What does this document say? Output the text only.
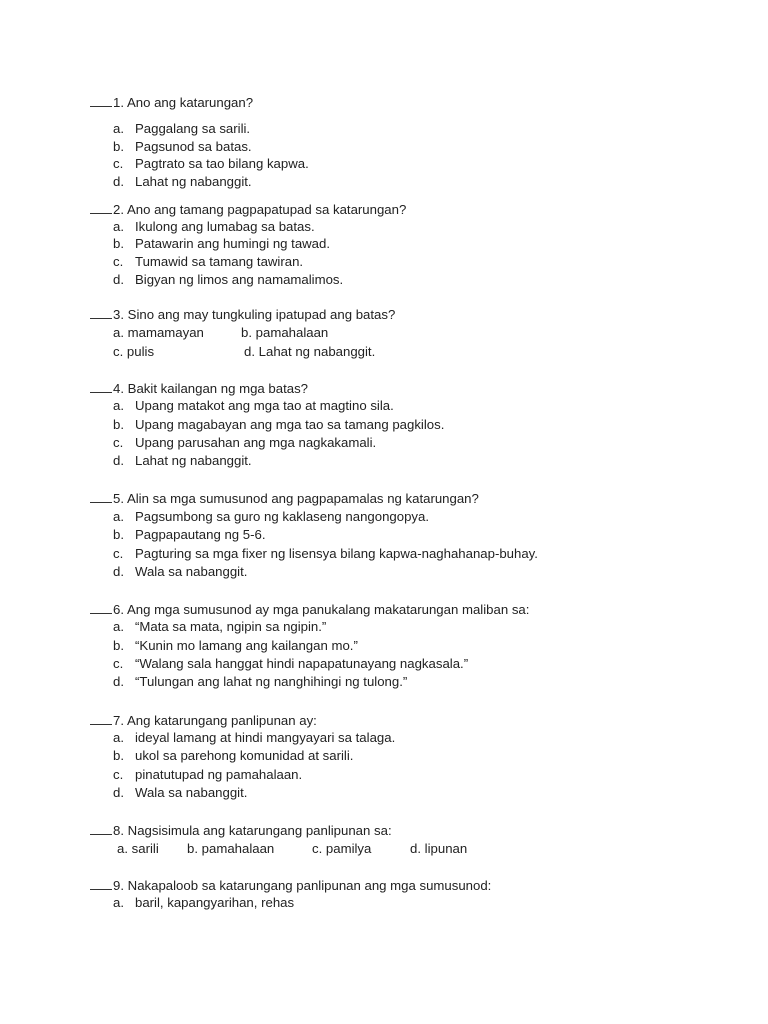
1. Ano ang katarungan?
a. Paggalang sa sarili.
b. Pagsunod sa batas.
c. Pagtrato sa tao bilang kapwa.
d. Lahat ng nabanggit.
2. Ano ang tamang pagpapatupad sa katarungan?
a. Ikulong ang lumabag sa batas.
b. Patawarin ang humingi ng tawad.
c. Tumawid sa tamang tawiran.
d. Bigyan ng limos ang namamalimos.
3. Sino ang may tungkuling ipatupad ang batas?
a. mamamayan	b. pamahalaan
c. pulis	d. Lahat ng nabanggit.
4. Bakit kailangan ng mga batas?
a. Upang matakot ang mga tao at magtino sila.
b. Upang magabayan ang mga tao sa tamang pagkilos.
c. Upang parusahan ang mga nagkakamali.
d. Lahat ng nabanggit.
5. Alin sa mga sumusunod ang pagpapamalas ng katarungan?
a. Pagsumbong sa guro ng kaklaseng nangongopya.
b. Pagpapautang ng 5-6.
c. Pagturing sa mga fixer ng lisensya bilang kapwa-naghahanap-buhay.
d. Wala sa nabanggit.
6. Ang mga sumusunod ay mga panukalang makatarungan maliban sa:
a. “Mata sa mata, ngipin sa ngipin.”
b. “Kunin mo lamang ang kailangan mo.”
c. “Walang sala hanggat hindi napapatunayang nagkasala.”
d. “Tulungan ang lahat ng nanghihingi ng tulong.”
7. Ang katarungang panlipunan ay:
a. ideyal lamang at hindi mangyayari sa talaga.
b. ukol sa parehong komunidad at sarili.
c. pinatutupad ng pamahalaan.
d. Wala sa nabanggit.
8. Nagsisimula ang katarungang panlipunan sa:
a. sarili b. pamahalaan	c. pamilya	d. lipunan
9. Nakapaloob sa katarungang panlipunan ang mga sumusunod:
a. baril, kapangyarihan, rehas
